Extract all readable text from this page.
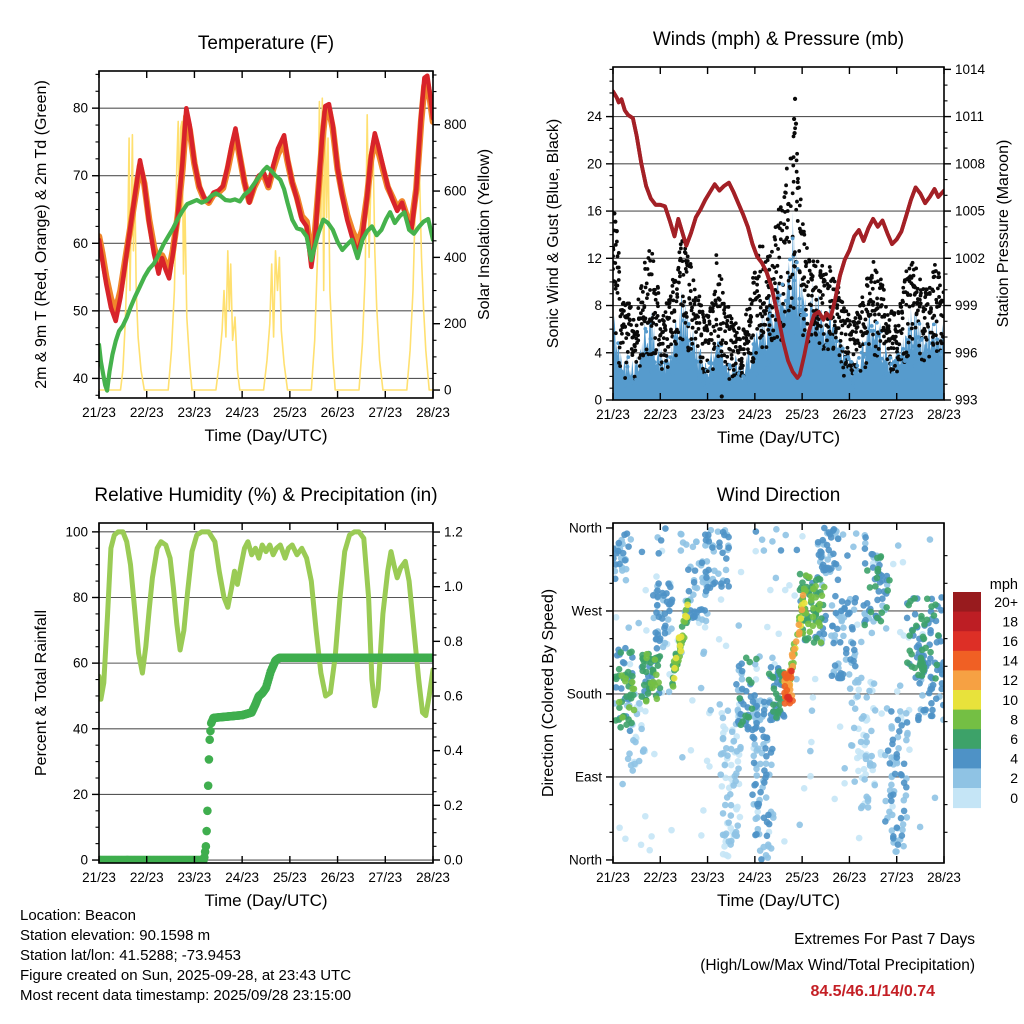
21/23 22/23 23/23 24/23 25/23 26/23 27/23 28/23
Time (Day/UTC)
40
50
60
70
80
0
200
400
600
800
Temperature (F)
2m & 9m T (Red, Orange) & 2m Td (Green)	Solar Insolation (Yellow)
21/23 22/23 23/23 24/23 25/23 26/23 27/23 28/23
Time (Day/UTC)
0
4
8
12
16
20
24
993
996
999
1002
1005
1008
1011
1014
Winds (mph) & Pressure (mb)
Sonic Wind & Gust (Blue, Black)	Station Pressure (Maroon)
21/23 22/23 23/23 24/23 25/23 26/23 27/23 28/23
Time (Day/UTC)
0
20
40
60
80
100
0.0
0.2
0.4
0.6
0.8
1.0
1.2
Relative Humidity (%) & Precipitation (in)
Percent & Total Rainfall
21/23 22/23 23/23 24/23 25/23 26/23 27/23 28/23
Time (Day/UTC)
North
East
South
West
North
Wind Direction
Direction (Colored By Speed)
mph
20+
18
16
14
12
10
8
6
4
2
0
Location: Beacon
Station elevation: 90.1598 m
Station lat/lon: 41.5288; -73.9453
Figure created on Sun, 2025-09-28, at 23:43 UTC
Most recent data timestamp: 2025/09/28 23:15:00
Extremes For Past 7 Days
(High/Low/Max Wind/Total Precipitation)
84.5/46.1/14/0.74
